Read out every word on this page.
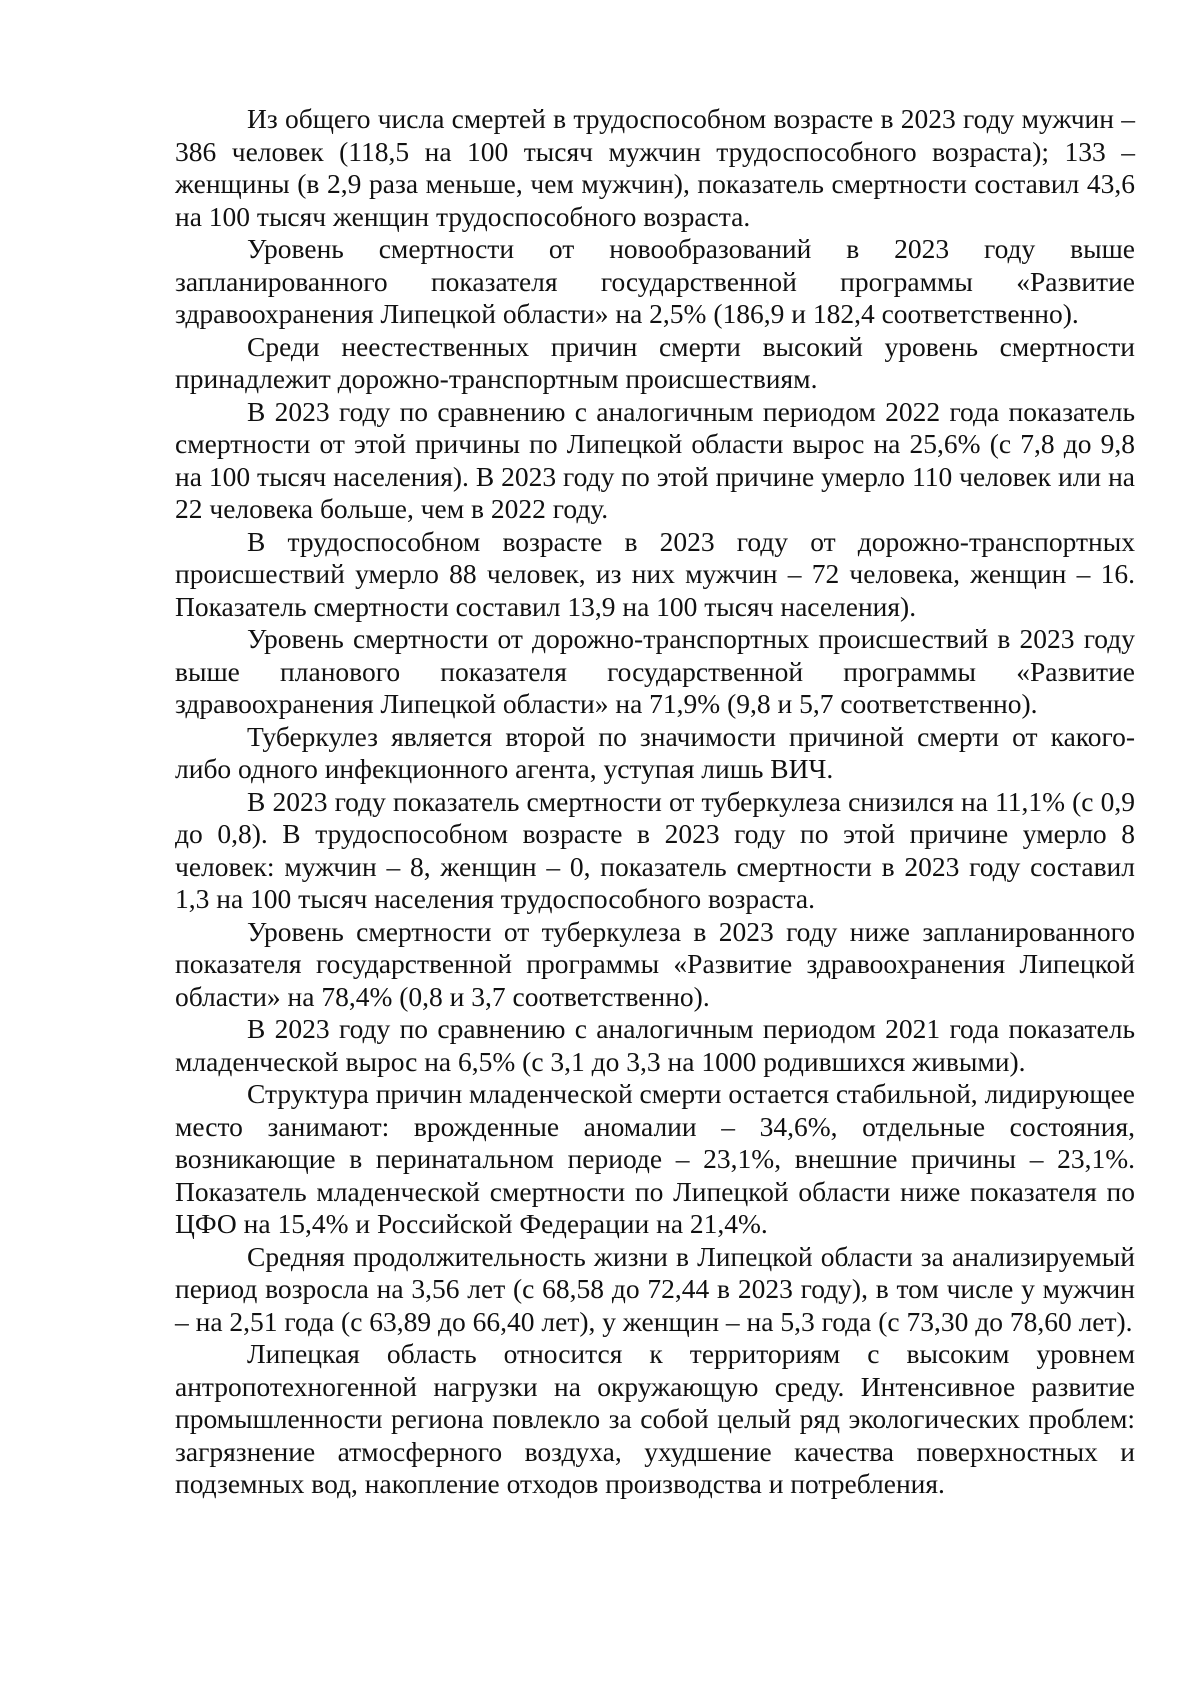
Из общего числа смертей в трудоспособном возрасте в 2023 году мужчин – 386 человек (118,5 на 100 тысяч мужчин трудоспособного возраста); 133 – женщины (в 2,9 раза меньше, чем мужчин), показатель смертности составил 43,6 на 100 тысяч женщин трудоспособного возраста.

Уровень смертности от новообразований в 2023 году выше запланированного показателя государственной программы «Развитие здравоохранения Липецкой области» на 2,5% (186,9 и 182,4 соответственно).

Среди неестественных причин смерти высокий уровень смертности принадлежит дорожно-транспортным происшествиям.

В 2023 году по сравнению с аналогичным периодом 2022 года показатель смертности от этой причины по Липецкой области вырос на 25,6% (с 7,8 до 9,8 на 100 тысяч населения). В 2023 году по этой причине умерло 110 человек или на 22 человека больше, чем в 2022 году.

В трудоспособном возрасте в 2023 году от дорожно-транспортных происшествий умерло 88 человек, из них мужчин – 72 человека, женщин – 16. Показатель смертности составил 13,9 на 100 тысяч населения).

Уровень смертности от дорожно-транспортных происшествий в 2023 году выше планового показателя государственной программы «Развитие здравоохранения Липецкой области» на 71,9% (9,8 и 5,7 соответственно).

Туберкулез является второй по значимости причиной смерти от какого-либо одного инфекционного агента, уступая лишь ВИЧ.

В 2023 году показатель смертности от туберкулеза снизился на 11,1% (с 0,9 до 0,8). В трудоспособном возрасте в 2023 году по этой причине умерло 8 человек: мужчин – 8, женщин – 0, показатель смертности в 2023 году составил 1,3 на 100 тысяч населения трудоспособного возраста.

Уровень смертности от туберкулеза в 2023 году ниже запланированного показателя государственной программы «Развитие здравоохранения Липецкой области» на 78,4% (0,8 и 3,7 соответственно).

В 2023 году по сравнению с аналогичным периодом 2021 года показатель младенческой вырос на 6,5% (с 3,1 до 3,3 на 1000 родившихся живыми).

Структура причин младенческой смерти остается стабильной, лидирующее место занимают: врожденные аномалии – 34,6%, отдельные состояния, возникающие в перинатальном периоде – 23,1%, внешние причины – 23,1%. Показатель младенческой смертности по Липецкой области ниже показателя по ЦФО на 15,4% и Российской Федерации на 21,4%.

Средняя продолжительность жизни в Липецкой области за анализируемый период возросла на 3,56 лет (с 68,58 до 72,44 в 2023 году), в том числе у мужчин – на 2,51 года (с 63,89 до 66,40 лет), у женщин – на 5,3 года (с 73,30 до 78,60 лет).

Липецкая область относится к территориям с высоким уровнем антропотехногенной нагрузки на окружающую среду. Интенсивное развитие промышленности региона повлекло за собой целый ряд экологических проблем: загрязнение атмосферного воздуха, ухудшение качества поверхностных и подземных вод, накопление отходов производства и потребления.
